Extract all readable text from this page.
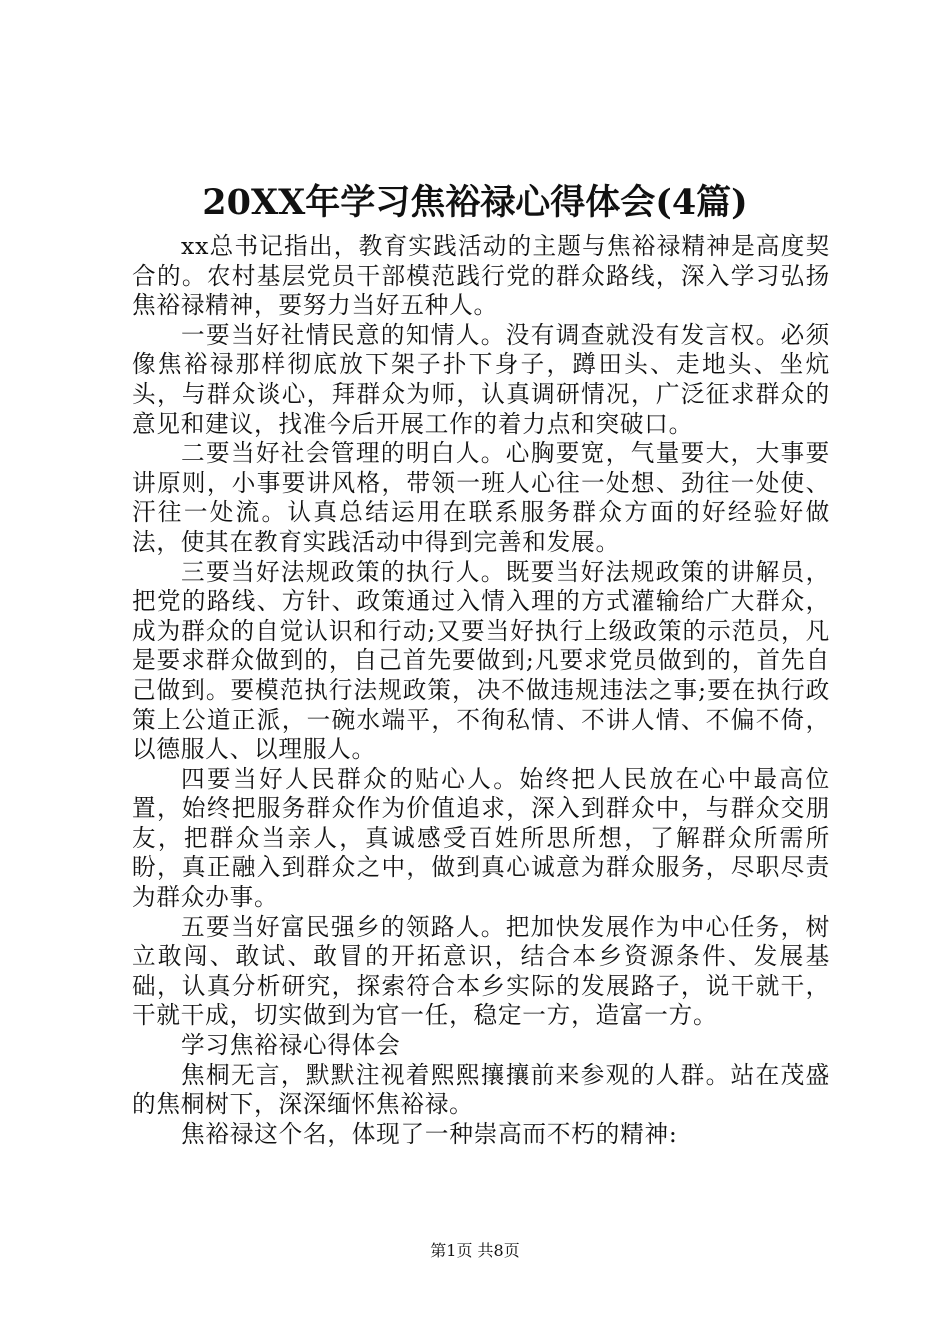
20XX年学习焦裕禄心得体会(4篇)

xx总书记指出，教育实践活动的主题与焦裕禄精神是高度契合的。农村基层党员干部模范践行党的群众路线，深入学习弘扬焦裕禄精神，要努力当好五种人。

一要当好社情民意的知情人。没有调查就没有发言权。必须像焦裕禄那样彻底放下架子扑下身子，蹲田头、走地头、坐炕头，与群众谈心，拜群众为师，认真调研情况，广泛征求群众的意见和建议，找准今后开展工作的着力点和突破口。

二要当好社会管理的明白人。心胸要宽，气量要大，大事要讲原则，小事要讲风格，带领一班人心往一处想、劲往一处使、汗往一处流。认真总结运用在联系服务群众方面的好经验好做法，使其在教育实践活动中得到完善和发展。

三要当好法规政策的执行人。既要当好法规政策的讲解员，把党的路线、方针、政策通过入情入理的方式灌输给广大群众，成为群众的自觉认识和行动;又要当好执行上级政策的示范员，凡是要求群众做到的，自己首先要做到;凡要求党员做到的，首先自己做到。要模范执行法规政策，决不做违规违法之事;要在执行政策上公道正派，一碗水端平，不徇私情、不讲人情、不偏不倚，以德服人、以理服人。

四要当好人民群众的贴心人。始终把人民放在心中最高位置，始终把服务群众作为价值追求，深入到群众中，与群众交朋友，把群众当亲人，真诚感受百姓所思所想，了解群众所需所盼，真正融入到群众之中，做到真心诚意为群众服务，尽职尽责为群众办事。

五要当好富民强乡的领路人。把加快发展作为中心任务，树立敢闯、敢试、敢冒的开拓意识，结合本乡资源条件、发展基础，认真分析研究，探索符合本乡实际的发展路子，说干就干，干就干成，切实做到为官一任，稳定一方，造富一方。

学习焦裕禄心得体会

焦桐无言，默默注视着熙熙攘攘前来参观的人群。站在茂盛的焦桐树下，深深缅怀焦裕禄。

焦裕禄这个名，体现了一种崇高而不朽的精神:

第1页 共8页
